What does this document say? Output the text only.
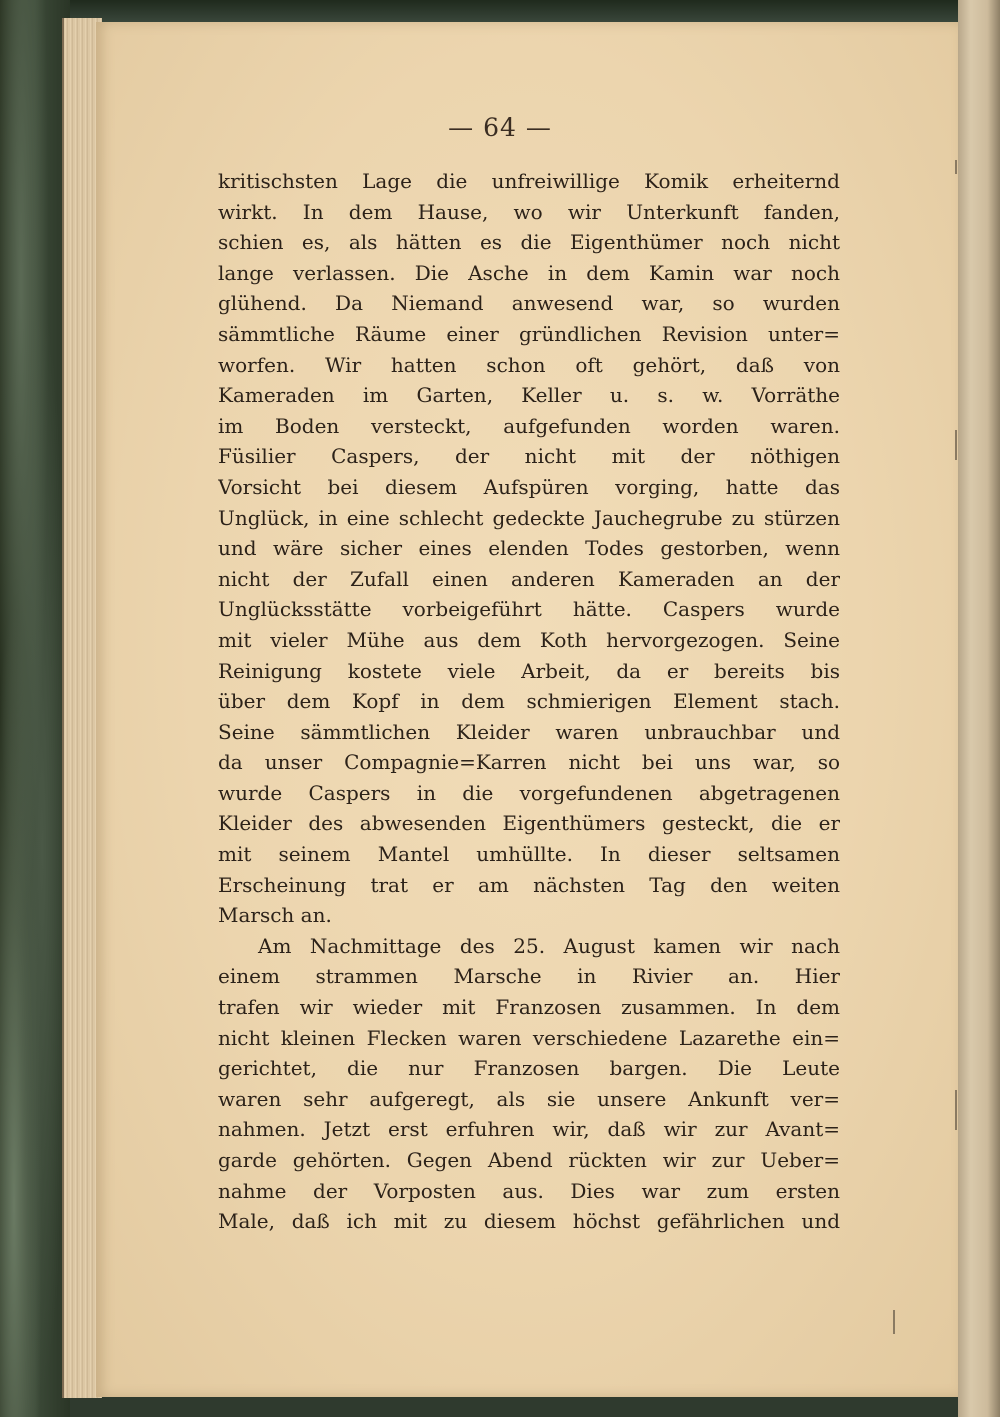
— 64 —
kritischsten Lage die unfreiwillige Komik erheiternd
wirkt. In dem Hause, wo wir Unterkunft fanden,
schien es, als hätten es die Eigenthümer noch nicht
lange verlassen. Die Asche in dem Kamin war noch
glühend. Da Niemand anwesend war, so wurden
sämmtliche Räume einer gründlichen Revision unter=
worfen. Wir hatten schon oft gehört, daß von
Kameraden im Garten, Keller u. s. w. Vorräthe
im Boden versteckt, aufgefunden worden waren.
Füsilier Caspers, der nicht mit der nöthigen
Vorsicht bei diesem Aufspüren vorging, hatte das
Unglück, in eine schlecht gedeckte Jauchegrube zu stürzen
und wäre sicher eines elenden Todes gestorben, wenn
nicht der Zufall einen anderen Kameraden an der
Unglücksstätte vorbeigeführt hätte. Caspers wurde
mit vieler Mühe aus dem Koth hervorgezogen. Seine
Reinigung kostete viele Arbeit, da er bereits bis
über dem Kopf in dem schmierigen Element stach.
Seine sämmtlichen Kleider waren unbrauchbar und
da unser Compagnie=Karren nicht bei uns war, so
wurde Caspers in die vorgefundenen abgetragenen
Kleider des abwesenden Eigenthümers gesteckt, die er
mit seinem Mantel umhüllte. In dieser seltsamen
Erscheinung trat er am nächsten Tag den weiten
Marsch an.
Am Nachmittage des 25. August kamen wir nach
einem strammen Marsche in Rivier an. Hier
trafen wir wieder mit Franzosen zusammen. In dem
nicht kleinen Flecken waren verschiedene Lazarethe ein=
gerichtet, die nur Franzosen bargen. Die Leute
waren sehr aufgeregt, als sie unsere Ankunft ver=
nahmen. Jetzt erst erfuhren wir, daß wir zur Avant=
garde gehörten. Gegen Abend rückten wir zur Ueber=
nahme der Vorposten aus. Dies war zum ersten
Male, daß ich mit zu diesem höchst gefährlichen und
